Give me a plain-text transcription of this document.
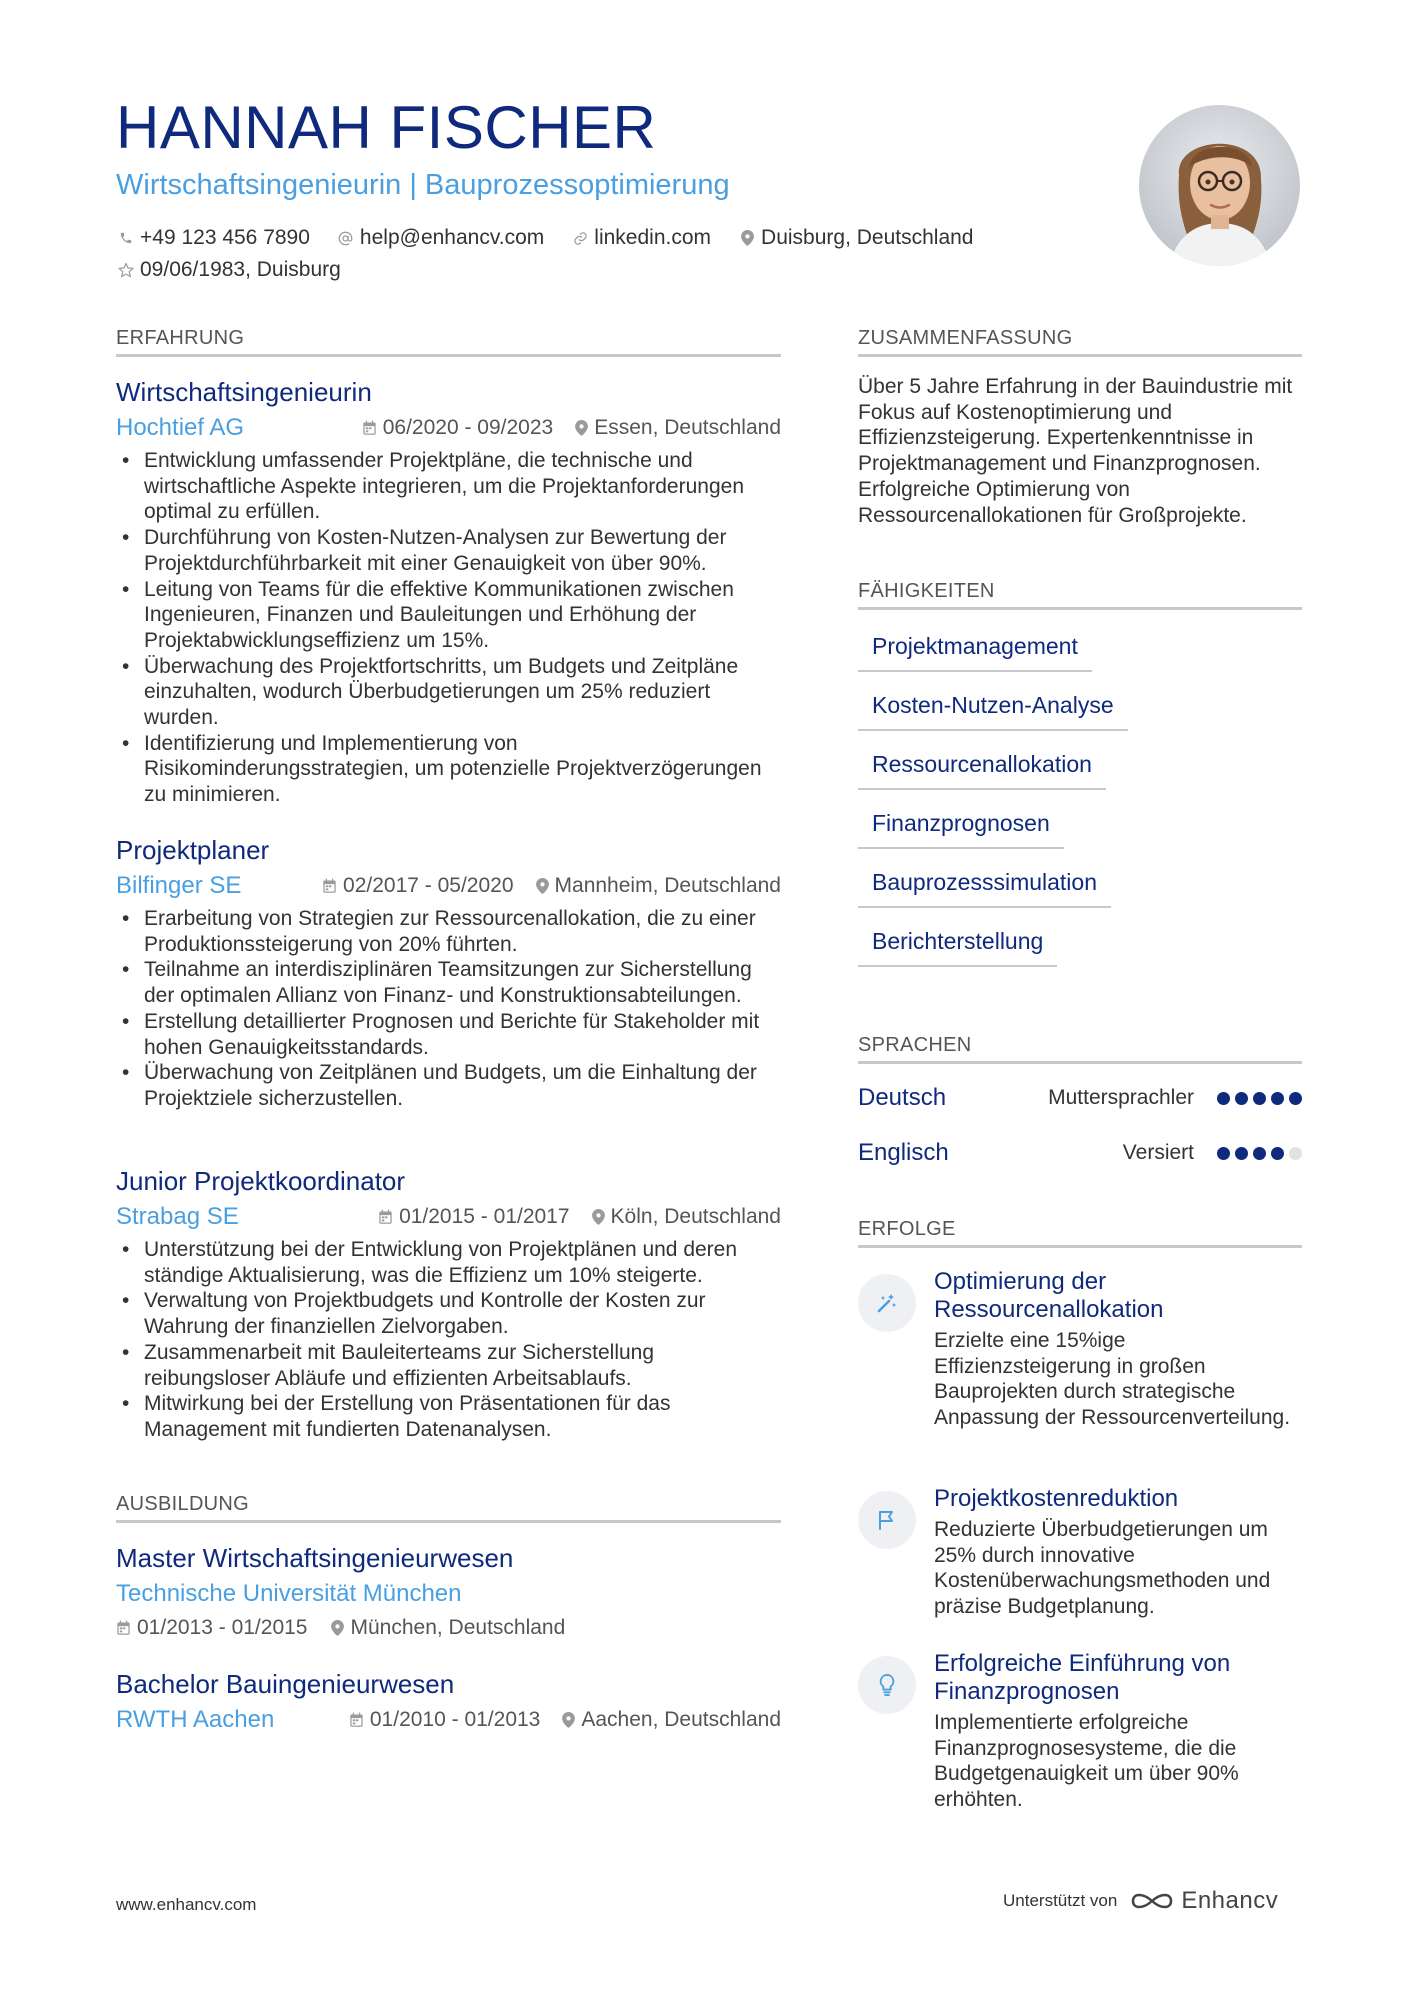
HANNAH FISCHER
Wirtschaftsingenieurin | Bauprozessoptimierung
+49 123 456 7890 help@enhancv.com linkedin.com Duisburg, Deutschland
09/06/1983, Duisburg
ERFAHRUNG
Wirtschaftsingenieurin
Hochtief AG	06/2020 - 09/2023 Essen, Deutschland
• Entwicklung umfassender Projektpläne, die technische und wirtschaftliche Aspekte integrieren, um die Projektanforderungen optimal zu erfüllen.
• Durchführung von Kosten-Nutzen-Analysen zur Bewertung der Projektdurchführbarkeit mit einer Genauigkeit von über 90%.
• Leitung von Teams für die effektive Kommunikationen zwischen Ingenieuren, Finanzen und Bauleitungen und Erhöhung der Projektabwicklungseffizienz um 15%.
• Überwachung des Projektfortschritts, um Budgets und Zeitpläne einzuhalten, wodurch Überbudgetierungen um 25% reduziert wurden.
• Identifizierung und Implementierung von Risikominderungsstrategien, um potenzielle Projektverzögerungen zu minimieren.
Projektplaner
Bilfinger SE	02/2017 - 05/2020 Mannheim, Deutschland
• Erarbeitung von Strategien zur Ressourcenallokation, die zu einer Produktionssteigerung von 20% führten.
• Teilnahme an interdisziplinären Teamsitzungen zur Sicherstellung der optimalen Allianz von Finanz- und Konstruktionsabteilungen.
• Erstellung detaillierter Prognosen und Berichte für Stakeholder mit hohen Genauigkeitsstandards.
• Überwachung von Zeitplänen und Budgets, um die Einhaltung der Projektziele sicherzustellen.
Junior Projektkoordinator
Strabag SE	01/2015 - 01/2017 Köln, Deutschland
• Unterstützung bei der Entwicklung von Projektplänen und deren ständige Aktualisierung, was die Effizienz um 10% steigerte.
• Verwaltung von Projektbudgets und Kontrolle der Kosten zur Wahrung der finanziellen Zielvorgaben.
• Zusammenarbeit mit Bauleiterteams zur Sicherstellung reibungsloser Abläufe und effizienten Arbeitsablaufs.
• Mitwirkung bei der Erstellung von Präsentationen für das Management mit fundierten Datenanalysen.
AUSBILDUNG
Master Wirtschaftsingenieurwesen
Technische Universität München
01/2013 - 01/2015 München, Deutschland
Bachelor Bauingenieurwesen
RWTH Aachen	01/2010 - 01/2013 Aachen, Deutschland
ZUSAMMENFASSUNG
Über 5 Jahre Erfahrung in der Bauindustrie mit Fokus auf Kostenoptimierung und Effizienzsteigerung. Expertenkenntnisse in Projektmanagement und Finanzprognosen. Erfolgreiche Optimierung von Ressourcenallokationen für Großprojekte.
FÄHIGKEITEN
Projektmanagement
Kosten-Nutzen-Analyse
Ressourcenallokation
Finanzprognosen
Bauprozesssimulation
Berichterstellung
SPRACHEN
Deutsch	Muttersprachler
Englisch	Versiert
ERFOLGE
Optimierung der Ressourcenallokation
Erzielte eine 15%ige Effizienzsteigerung in großen Bauprojekten durch strategische Anpassung der Ressourcenverteilung.
Projektkostenreduktion
Reduzierte Überbudgetierungen um 25% durch innovative Kostenüberwachungsmethoden und präzise Budgetplanung.
Erfolgreiche Einführung von Finanzprognosen
Implementierte erfolgreiche Finanzprognosesysteme, die die Budgetgenauigkeit um über 90% erhöhten.
www.enhancv.com	Unterstützt von	Enhancv
